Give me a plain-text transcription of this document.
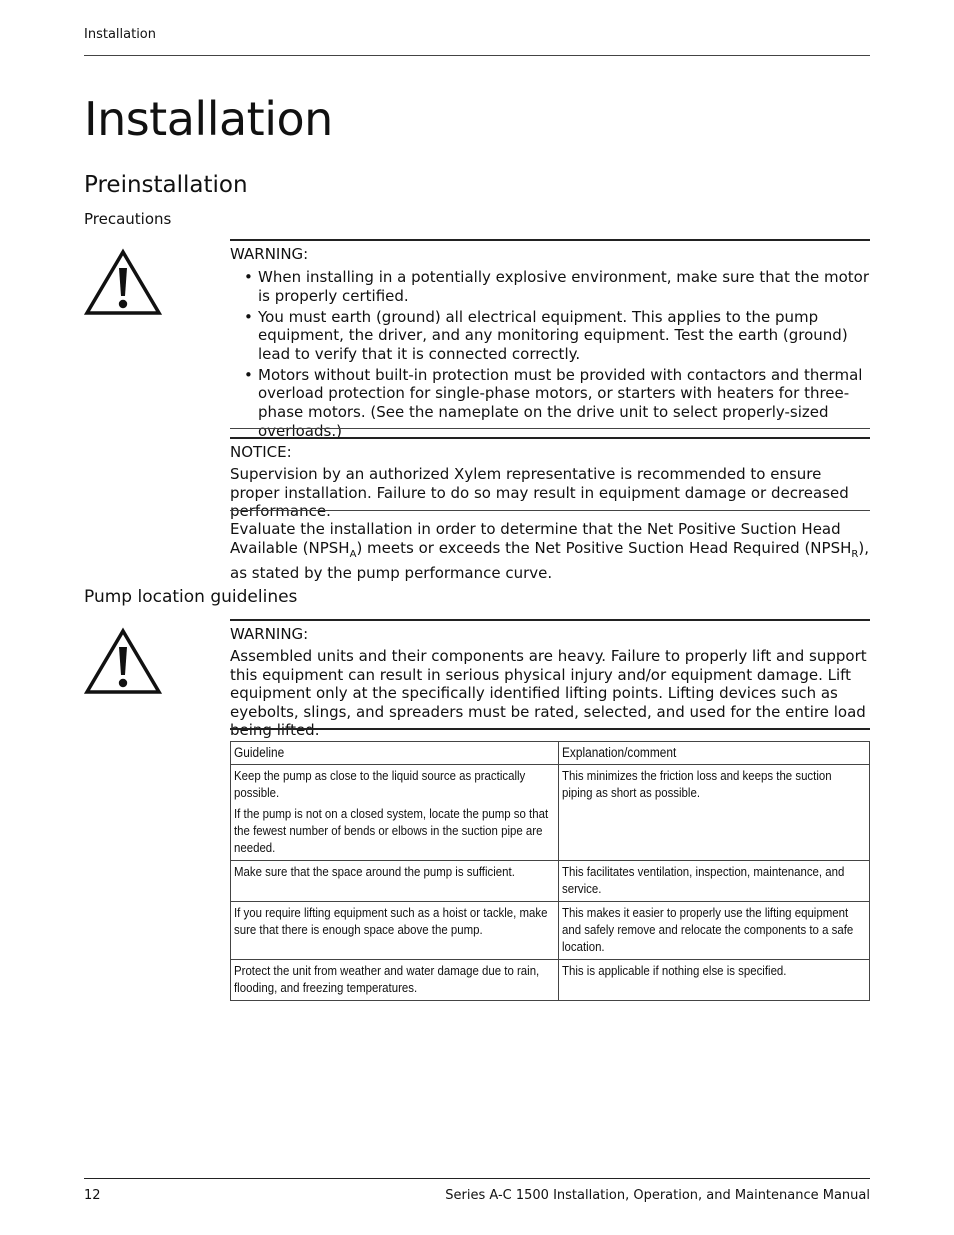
Installation
Installation
Preinstallation
Precautions
WARNING:
• When installing in a potentially explosive environment, make sure that the motor is properly certified.
• You must earth (ground) all electrical equipment. This applies to the pump equipment, the driver, and any monitoring equipment. Test the earth (ground) lead to verify that it is connected correctly.
• Motors without built-in protection must be provided with contactors and thermal overload protection for single-phase motors, or starters with heaters for three-phase motors. (See the nameplate on the drive unit to select properly-sized overloads.)
NOTICE:
Supervision by an authorized Xylem representative is recommended to ensure proper installation. Failure to do so may result in equipment damage or decreased performance.
Evaluate the installation in order to determine that the Net Positive Suction Head Available $(NPSH_A)$ meets or exceeds the Net Positive Suction Head Required $(NPSH_R)$, as stated by the pump performance curve.
Pump location guidelines
WARNING:
Assembled units and their components are heavy. Failure to properly lift and support this equipment can result in serious physical injury and/or equipment damage. Lift equipment only at the specifically identified lifting points. Lifting devices such as eyebolts, slings, and spreaders must be rated, selected, and used for the entire load being lifted.
Guideline	Explanation/comment

Keep the pump as close to the liquid source as practically possible.

If the pump is not on a closed system, locate the pump so that the fewest number of bends or elbows in the suction pipe are needed.	This minimizes the friction loss and keeps the suction piping as short as possible.

Make sure that the space around the pump is sufficient.	This facilitates ventilation, inspection, maintenance, and service.

If you require lifting equipment such as a hoist or tackle, make sure that there is enough space above the pump.	This makes it easier to properly use the lifting equipment and safely remove and relocate the components to a safe location.

Protect the unit from weather and water damage due to rain, flooding, and freezing temperatures.	This is applicable if nothing else is specified.
12	Series A-C 1500 Installation, Operation, and Maintenance Manual
